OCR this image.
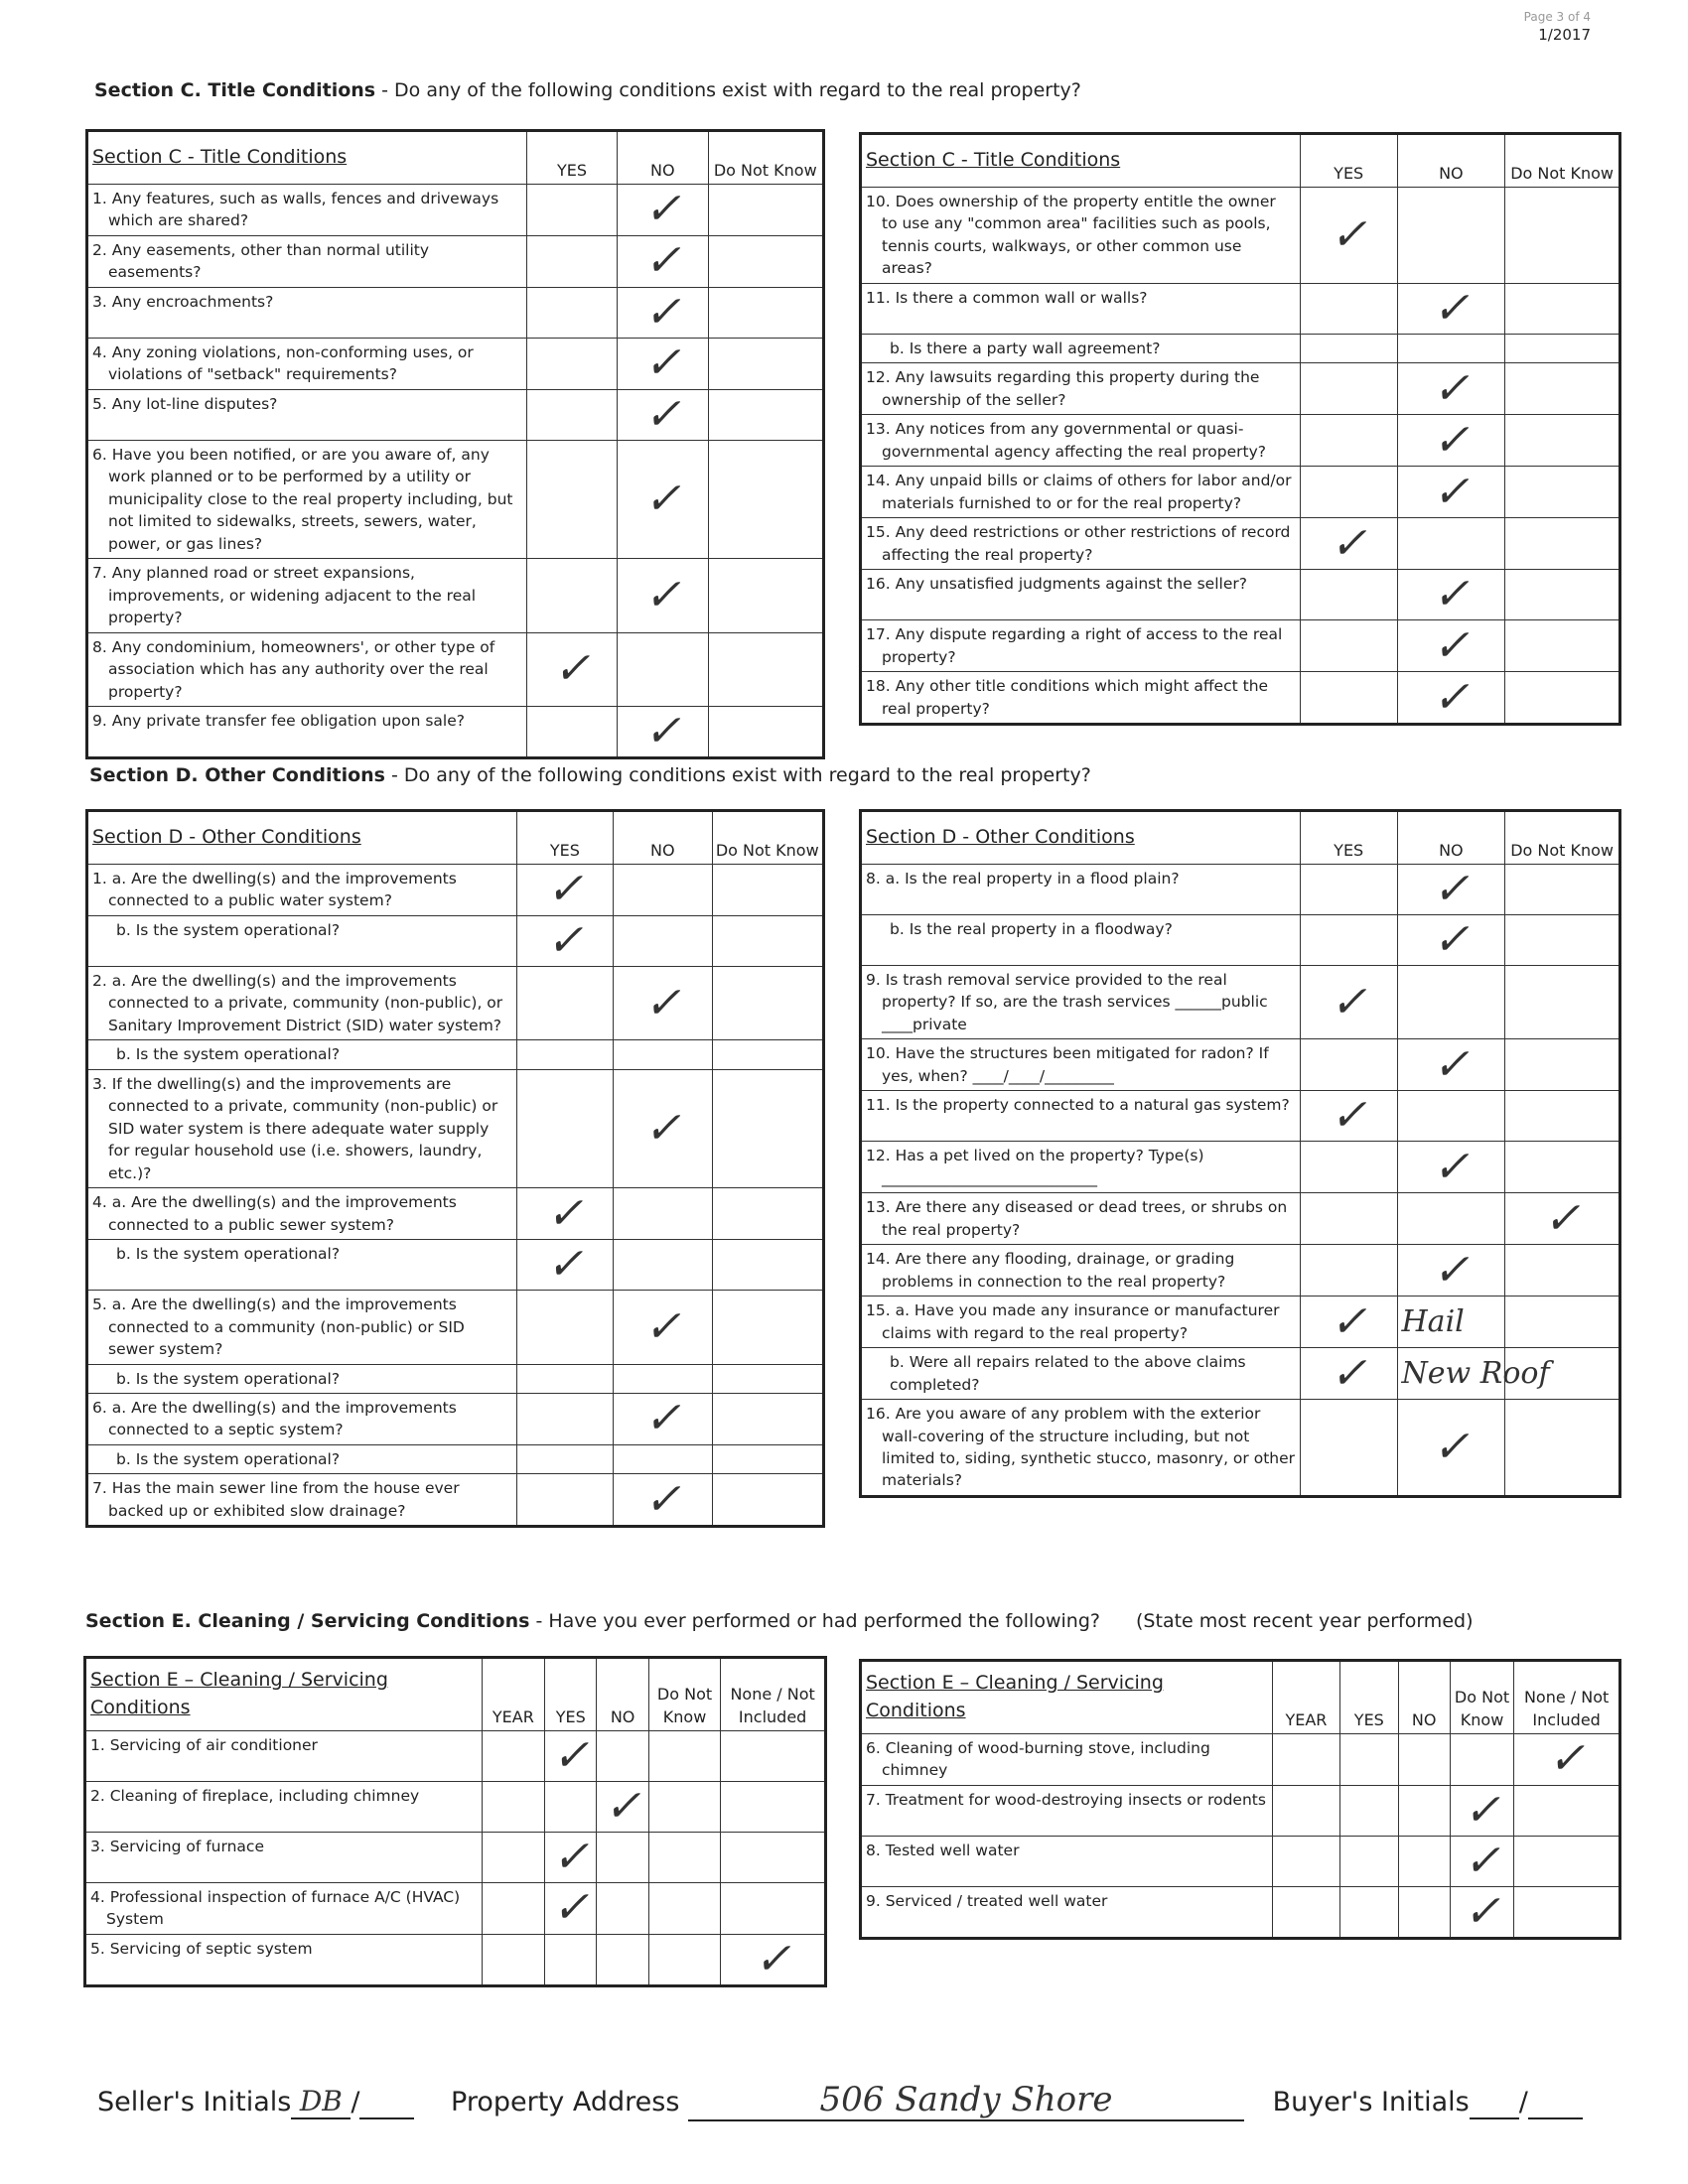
Page 3 of 4
1/2017
Section C. Title Conditions - Do any of the following conditions exist with regard to the real property?
Section C - Title Conditions	YES	NO	Do Not Know

1. Any features, such as walls, fences and driveways which are shared?		✓	

2. Any easements, other than normal utility easements?		✓	

3. Any encroachments?		✓	

4. Any zoning violations, non-conforming uses, or violations of "setback" requirements?		✓	

5. Any lot-line disputes?		✓	

6. Have you been notified, or are you aware of, any work planned or to be performed by a utility or municipality close to the real property including, but not limited to sidewalks, streets, sewers, water, power, or gas lines?		✓	

7. Any planned road or street expansions, improvements, or widening adjacent to the real property?		✓	

8. Any condominium, homeowners', or other type of association which has any authority over the real property?	✓		

9. Any private transfer fee obligation upon sale?		✓	

Section C - Title Conditions	YES	NO	Do Not Know

10. Does ownership of the property entitle the owner to use any "common area" facilities such as pools, tennis courts, walkways, or other common use areas?	✓		

11. Is there a common wall or walls?		✓	

b. Is there a party wall agreement?			

12. Any lawsuits regarding this property during the ownership of the seller?		✓	

13. Any notices from any governmental or quasi-governmental agency affecting the real property?		✓	

14. Any unpaid bills or claims of others for labor and/or materials furnished to or for the real property?		✓	

15. Any deed restrictions or other restrictions of record affecting the real property?	✓		

16. Any unsatisfied judgments against the seller?		✓	

17. Any dispute regarding a right of access to the real property?		✓	

18. Any other title conditions which might affect the real property?		✓	

Section D. Other Conditions - Do any of the following conditions exist with regard to the real property?
Section D - Other Conditions	YES	NO	Do Not Know

1. a. Are the dwelling(s) and the improvements connected to a public water system?	✓		

b. Is the system operational?	✓		

2. a. Are the dwelling(s) and the improvements connected to a private, community (non-public), or Sanitary Improvement District (SID) water system?		✓	

b. Is the system operational?			

3. If the dwelling(s) and the improvements are connected to a private, community (non-public) or SID water system is there adequate water supply for regular household use (i.e. showers, laundry, etc.)?		✓	

4. a. Are the dwelling(s) and the improvements connected to a public sewer system?	✓		

b. Is the system operational?	✓		

5. a. Are the dwelling(s) and the improvements connected to a community (non-public) or SID sewer system?		✓	

b. Is the system operational?			

6. a. Are the dwelling(s) and the improvements connected to a septic system?		✓	

b. Is the system operational?			

7. Has the main sewer line from the house ever backed up or exhibited slow drainage?		✓	

Section D - Other Conditions	YES	NO	Do Not Know

8. a. Is the real property in a flood plain?		✓	

b. Is the real property in a floodway?		✓	

9. Is trash removal service provided to the real property? If so, are the trash services ______public ____private	✓		

10. Have the structures been mitigated for radon? If yes, when? ____/____/_________		✓	

11. Is the property connected to a natural gas system?	✓		

12. Has a pet lived on the property? Type(s) ____________________________		✓	

13. Are there any diseased or dead trees, or shrubs on the real property?			✓

14. Are there any flooding, drainage, or grading problems in connection to the real property?		✓	

15. a. Have you made any insurance or manufacturer claims with regard to the real property?	✓	Hail	

b. Were all repairs related to the above claims completed?	✓	New Roof	

16. Are you aware of any problem with the exterior wall-covering of the structure including, but not limited to, siding, synthetic stucco, masonry, or other materials?		✓	

Section E. Cleaning / Servicing Conditions - Have you ever performed or had performed the following? (State most recent year performed)
Section E – Cleaning / Servicing Conditions	YEAR	YES	NO	Do Not Know	None / Not Included

1. Servicing of air conditioner		✓			

2. Cleaning of fireplace, including chimney			✓		

3. Servicing of furnace		✓			

4. Professional inspection of furnace A/C (HVAC) System		✓			

5. Servicing of septic system					✓
Section E – Cleaning / Servicing Conditions	YEAR	YES	NO	Do Not Know	None / Not Included

6. Cleaning of wood-burning stove, including chimney					✓

7. Treatment for wood-destroying insects or rodents				✓	

8. Tested well water				✓	

9. Serviced / treated well water				✓	

Seller's Initials DB /	Property Address	506 Sandy Shore	Buyer's Initials /
